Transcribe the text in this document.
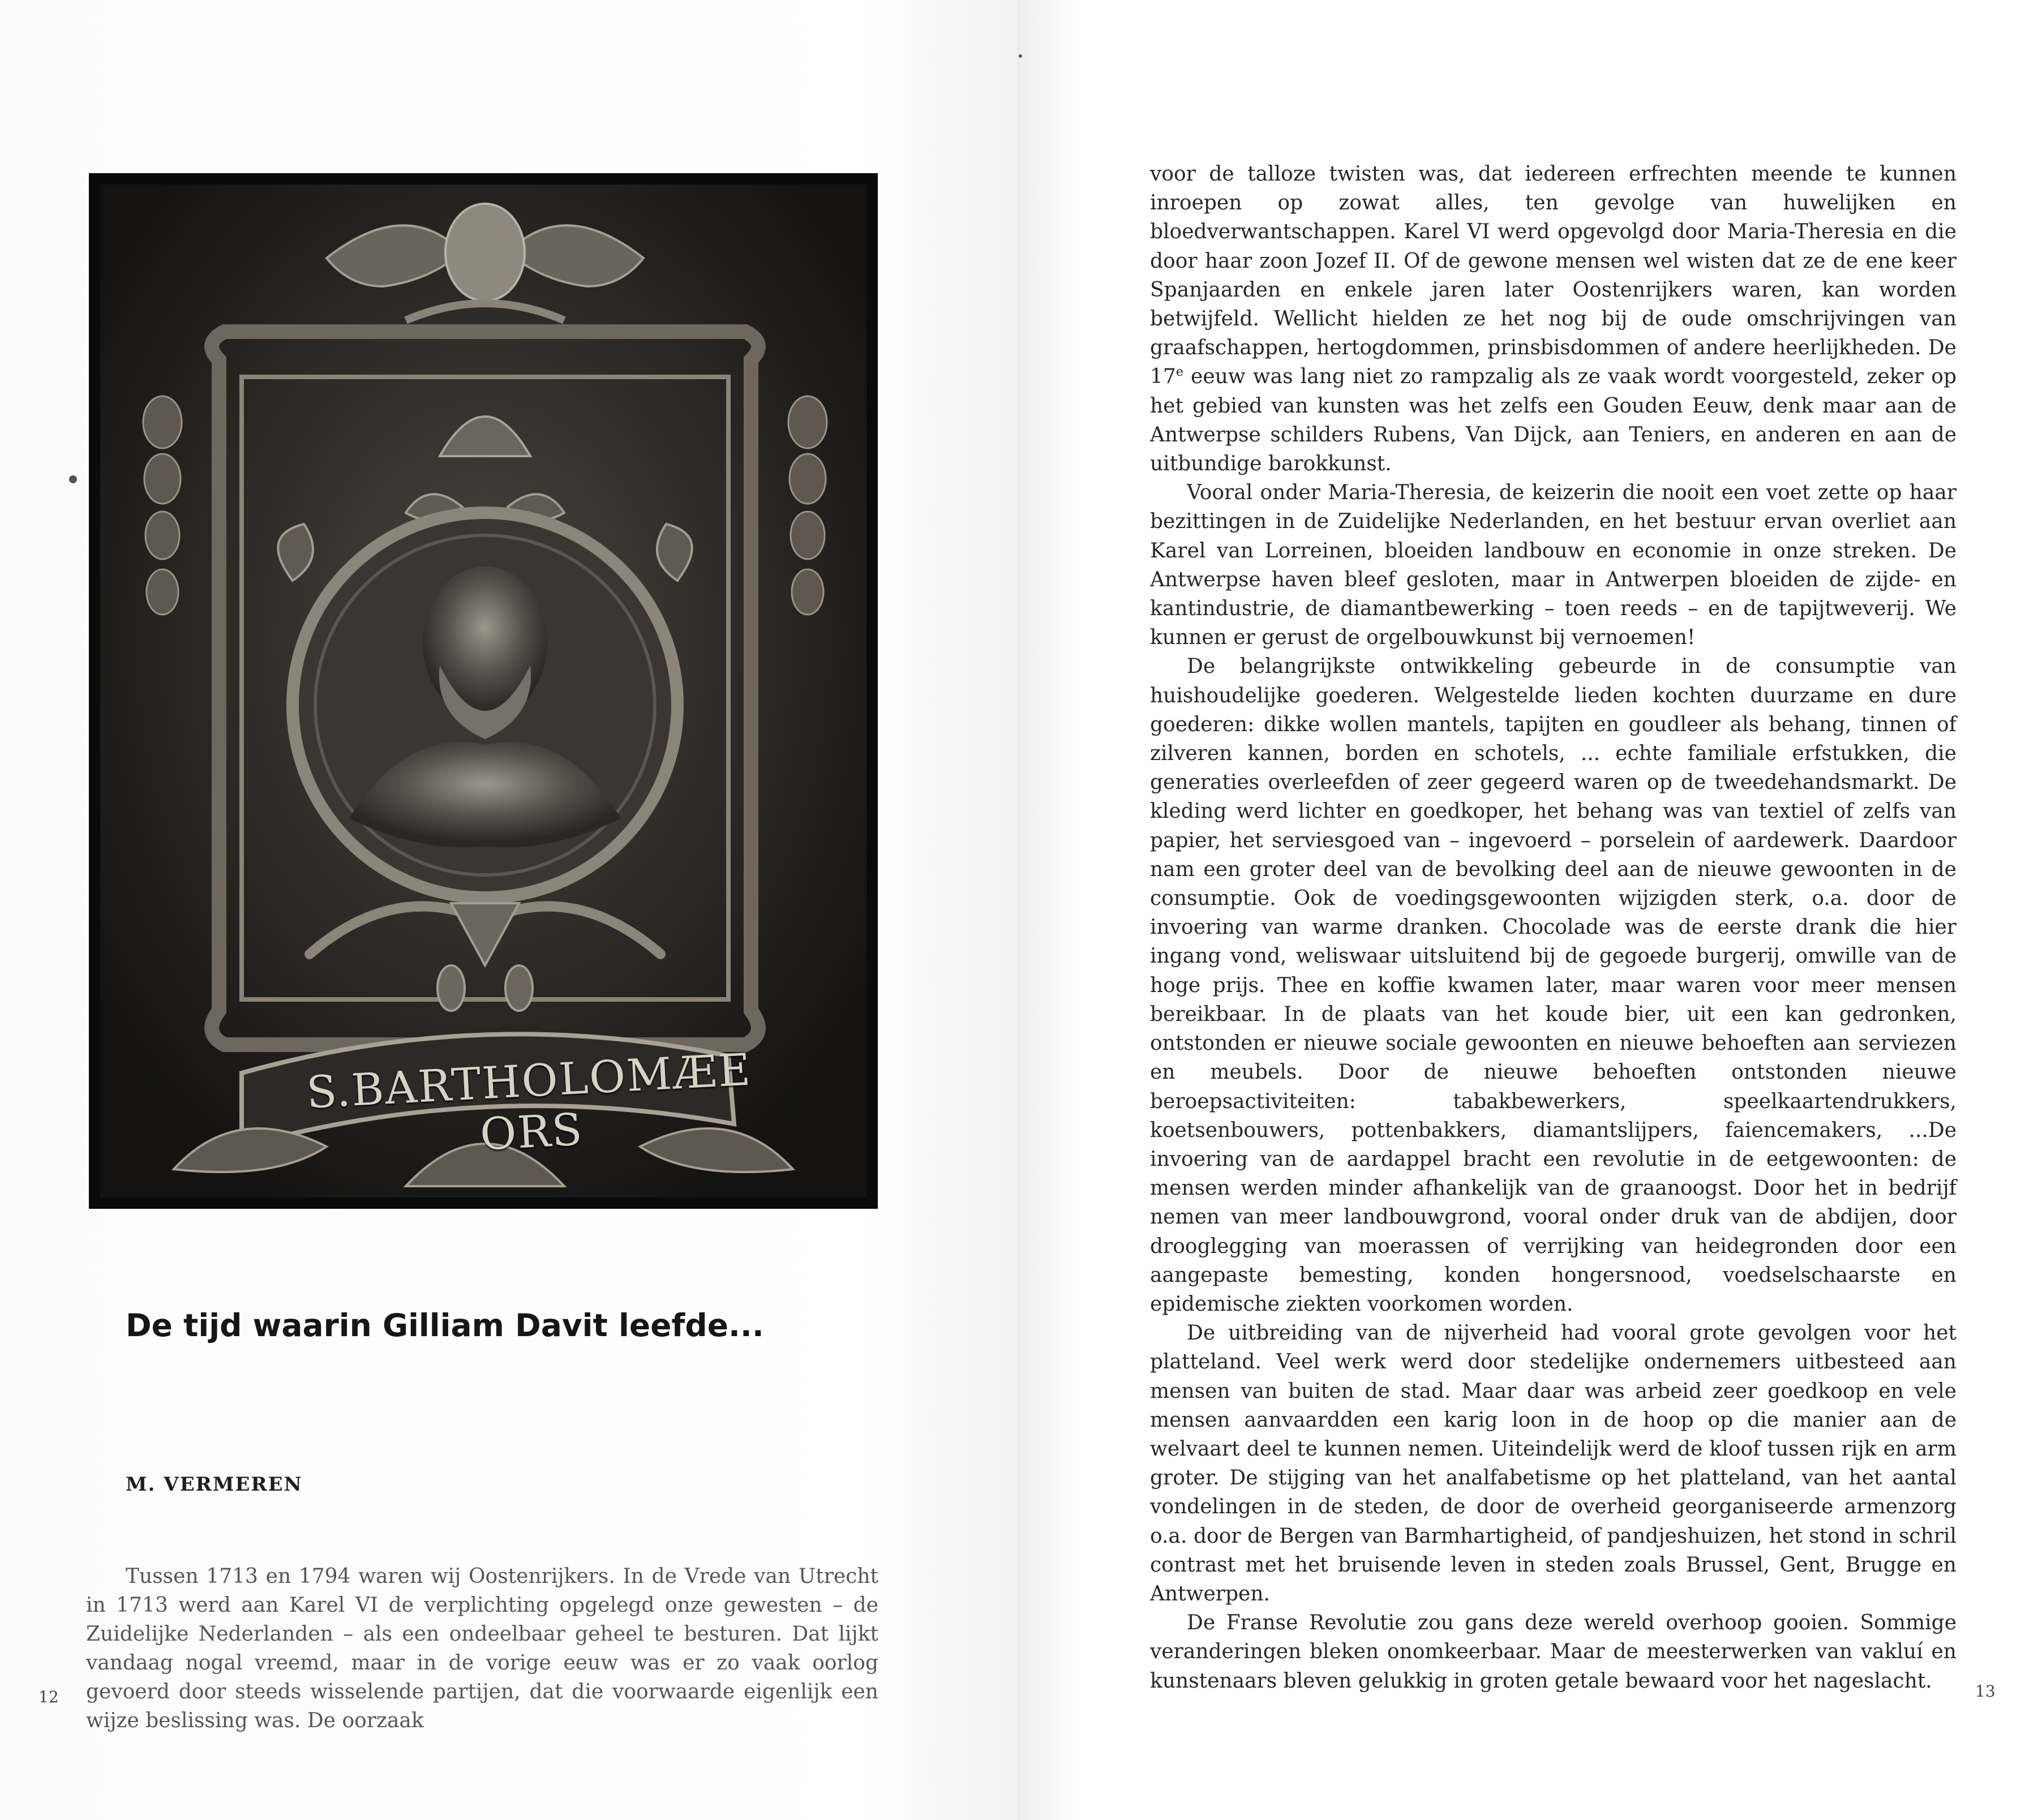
S.BARTHOLOMÆE ORS
De tijd waarin Gilliam Davit leefde...
M. VERMEREN

Tussen 1713 en 1794 waren wij Oostenrijkers. In de Vrede van Utrecht in 1713 werd aan Karel VI de verplichting opgelegd onze gewesten – de Zuidelijke Nederlanden – als een ondeelbaar geheel te besturen. Dat lijkt vandaag nogal vreemd, maar in de vorige eeuw was er zo vaak oorlog gevoerd door steeds wisselende partijen, dat die voorwaarde eigenlijk een wijze beslissing was. De oorzaak

12

voor de talloze twisten was, dat iedereen erfrechten meende te kunnen inroepen op zowat alles, ten gevolge van huwelijken en bloedverwantschappen. Karel VI werd opgevolgd door Maria-Theresia en die door haar zoon Jozef II. Of de gewone mensen wel wisten dat ze de ene keer Spanjaarden en enkele jaren later Oostenrijkers waren, kan worden betwijfeld. Wellicht hielden ze het nog bij de oude omschrijvingen van graafschappen, hertogdommen, prinsbisdommen of andere heerlijkheden. De 17e eeuw was lang niet zo rampzalig als ze vaak wordt voorgesteld, zeker op het gebied van kunsten was het zelfs een Gouden Eeuw, denk maar aan de Antwerpse schilders Rubens, Van Dijck, aan Teniers, en anderen en aan de uitbundige barokkunst.

Vooral onder Maria-Theresia, de keizerin die nooit een voet zette op haar bezittingen in de Zuidelijke Nederlanden, en het bestuur ervan overliet aan Karel van Lorreinen, bloeiden landbouw en economie in onze streken. De Antwerpse haven bleef gesloten, maar in Antwerpen bloeiden de zijde- en kantindustrie, de diamantbewerking – toen reeds – en de tapijtweverij. We kunnen er gerust de orgelbouwkunst bij vernoemen!

De belangrijkste ontwikkeling gebeurde in de consumptie van huishoudelijke goederen. Welgestelde lieden kochten duurzame en dure goederen: dikke wollen mantels, tapijten en goudleer als behang, tinnen of zilveren kannen, borden en schotels, ... echte familiale erfstukken, die generaties overleefden of zeer gegeerd waren op de tweedehandsmarkt. De kleding werd lichter en goedkoper, het behang was van textiel of zelfs van papier, het serviesgoed van – ingevoerd – porselein of aardewerk. Daardoor nam een groter deel van de bevolking deel aan de nieuwe gewoonten in de consumptie. Ook de voedingsgewoonten wijzigden sterk, o.a. door de invoering van warme dranken. Chocolade was de eerste drank die hier ingang vond, weliswaar uitsluitend bij de gegoede burgerij, omwille van de hoge prijs. Thee en koffie kwamen later, maar waren voor meer mensen bereikbaar. In de plaats van het koude bier, uit een kan gedronken, ontstonden er nieuwe sociale gewoonten en nieuwe behoeften aan serviezen en meubels. Door de nieuwe behoeften ontstonden nieuwe beroepsactiviteiten: tabakbewerkers, speelkaartendrukkers, koetsenbouwers, pottenbakkers, diamantslijpers, faiencemakers, ...De invoering van de aardappel bracht een revolutie in de eetgewoonten: de mensen werden minder afhankelijk van de graanoogst. Door het in bedrijf nemen van meer landbouwgrond, vooral onder druk van de abdijen, door drooglegging van moerassen of verrijking van heidegronden door een aangepaste bemesting, konden hongersnood, voedselschaarste en epidemische ziekten voorkomen worden.

De uitbreiding van de nijverheid had vooral grote gevolgen voor het platteland. Veel werk werd door stedelijke ondernemers uitbesteed aan mensen van buiten de stad. Maar daar was arbeid zeer goedkoop en vele mensen aanvaardden een karig loon in de hoop op die manier aan de welvaart deel te kunnen nemen. Uiteindelijk werd de kloof tussen rijk en arm groter. De stijging van het analfabetisme op het platteland, van het aantal vondelingen in de steden, de door de overheid georganiseerde armenzorg o.a. door de Bergen van Barmhartigheid, of pandjeshuizen, het stond in schril contrast met het bruisende leven in steden zoals Brussel, Gent, Brugge en Antwerpen.

De Franse Revolutie zou gans deze wereld overhoop gooien. Sommige veranderingen bleken onomkeerbaar. Maar de meesterwerken van vakluí en kunstenaars bleven gelukkig in groten getale bewaard voor het nageslacht.	13
